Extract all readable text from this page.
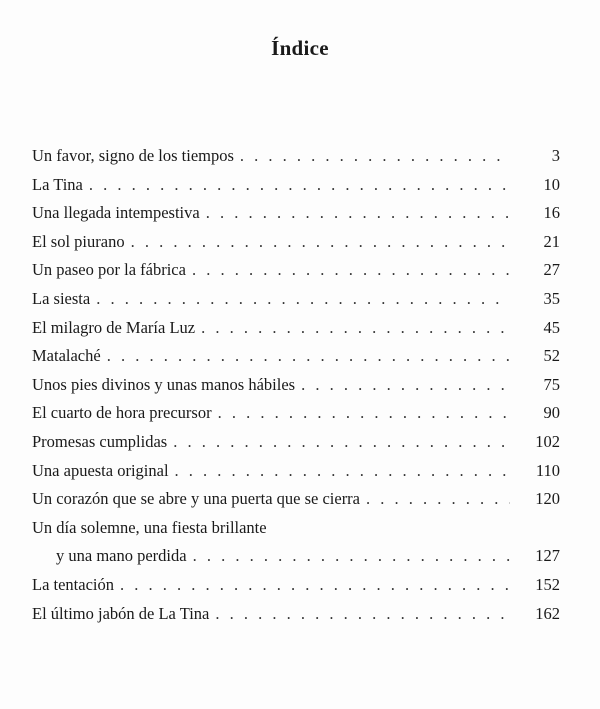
Índice
Un favor, signo de los tiempos . . .	3
La Tina . . .	10
Una llegada intempestiva . . .	16
El sol piurano . . .	21
Un paseo por la fábrica . . .	27
La siesta . . .	35
El milagro de María Luz . . .	45
Matalaché . . .	52
Unos pies divinos y unas manos hábiles . . .	75
El cuarto de hora precursor . . .	90
Promesas cumplidas . . .	102
Una apuesta original . . .	110
Un corazón que se abre y una puerta que se cierra . . .	120
Un día solemne, una fiesta brillante
y una mano perdida . . .	127
La tentación . . .	152
El último jabón de La Tina . . .	162
